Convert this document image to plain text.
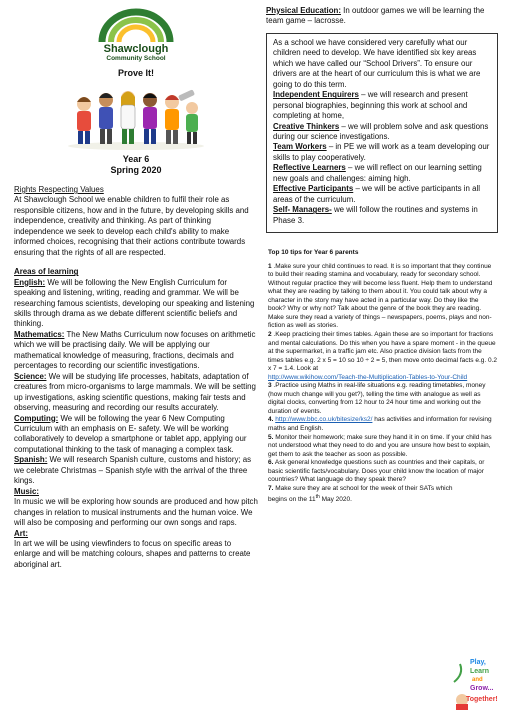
Shawclough
Community School
Prove It!
Year 6
Spring 2020

Rights Respecting Values

At Shawclough School we enable children to fulfil their role as responsible citizens, how and in the future, by developing skills and independence, creativity and thinking. As part of thinking independence we seek to develop each child's ability to make informed choices, recognising that their actions contribute towards ensuring that the rights of all are respected.

Areas of learning

English: We will be following the New English Curriculum for speaking and listening, writing, reading and grammar. We will be researching famous scientists, developing our speaking and listening skills through drama as we debate different scientific beliefs and thinking.

Mathematics: The New Maths Curriculum now focuses on arithmetic which we will be practising daily. We will be applying our mathematical knowledge of measuring, fractions, decimals and percentages to recording our scientific investigations.

Science: We will be studying life processes, habitats, adaptation of creatures from micro-organisms to large mammals. We will be setting up investigations, asking scientific questions, making fair tests and observing, measuring and recording our results accurately.

Computing: We will be following the year 6 New Computing Curriculum with an emphasis on E- safety. We will be working collaboratively to develop a smartphone or tablet app, applying our computational thinking to the task of managing a complex task.

Spanish: We will research Spanish culture, customs and history; as we celebrate Christmas – Spanish style with the arrival of the three kings.

Music:

In music we will be exploring how sounds are produced and how pitch changes in relation to musical instruments and the human voice. We will also be composing and performing our own songs and raps.

Art:

In art we will be using viewfinders to focus on specific areas to enlarge and will be matching colours, shapes and patterns to create aboriginal art.

Physical Education: In outdoor games we will be learning the team game – lacrosse.

As a school we have considered very carefully what our children need to develop. We have identified six key areas which we have called our “School Drivers”. To ensure our drivers are at the heart of our curriculum this is what we are going to do this term.

Independent Enquirers – we will research and present personal biographies, beginning this work at school and completing at home,

Creative Thinkers – we will problem solve and ask questions during our science investigations.

Team Workers – in PE we will work as a team developing our skills to play cooperatively.

Reflective Learners – we will reflect on our learning setting new goals and challenges: aiming high.

Effective Participants – we will be active participants in all areas of the curriculum.

Self- Managers- we will follow the routines and systems in Phase 3.

Top 10 tips for Year 6 parents

1 .Make sure your child continues to read. It is so important that they continue to build their reading stamina and vocabulary, ready for secondary school. Without regular practice they will become less fluent. Help them to understand what they are reading by talking to them about it. You could talk about why a character in the story may have acted in a particular way. Do they like the book? Why or why not? Talk about the genre of the book they are reading. Make sure they read a variety of things – newspapers, poems, plays and non-fiction as well as stories.

2 .Keep practicing their times tables. Again these are so important for fractions and mental calculations. Do this when you have a spare moment - in the queue at the supermarket, in a traffic jam etc. Also practice division facts from the times tables e.g. 2 x 5 = 10 so 10 ÷ 2 = 5, then move onto decimal facts e.g. 0.2 x 7 = 1.4. Look at
http://www.wikihow.com/Teach-the-Multiplication-Tables-to-Your-Child

3 .Practice using Maths in real-life situations e.g. reading timetables, money (how much change will you get?), telling the time with analogue as well as digital clocks, converting from 12 hour to 24 hour time and working out the duration of events.

4. http://www.bbc.co.uk/bitesize/ks2/ has activities and information for revising maths and English.

5. Monitor their homework; make sure they hand it in on time. If your child has not understood what they need to do and you are unsure how best to explain, get them to ask the teacher as soon as possible.

6. Ask general knowledge questions such as countries and their capitals, or basic scientific facts/vocabulary. Does your child know the location of major countries? What language do they speak there?

7. Make sure they are at school for the week of their SATs which begins on the 11th May 2020.

Play,
Learn
and
Grow...
Together!
